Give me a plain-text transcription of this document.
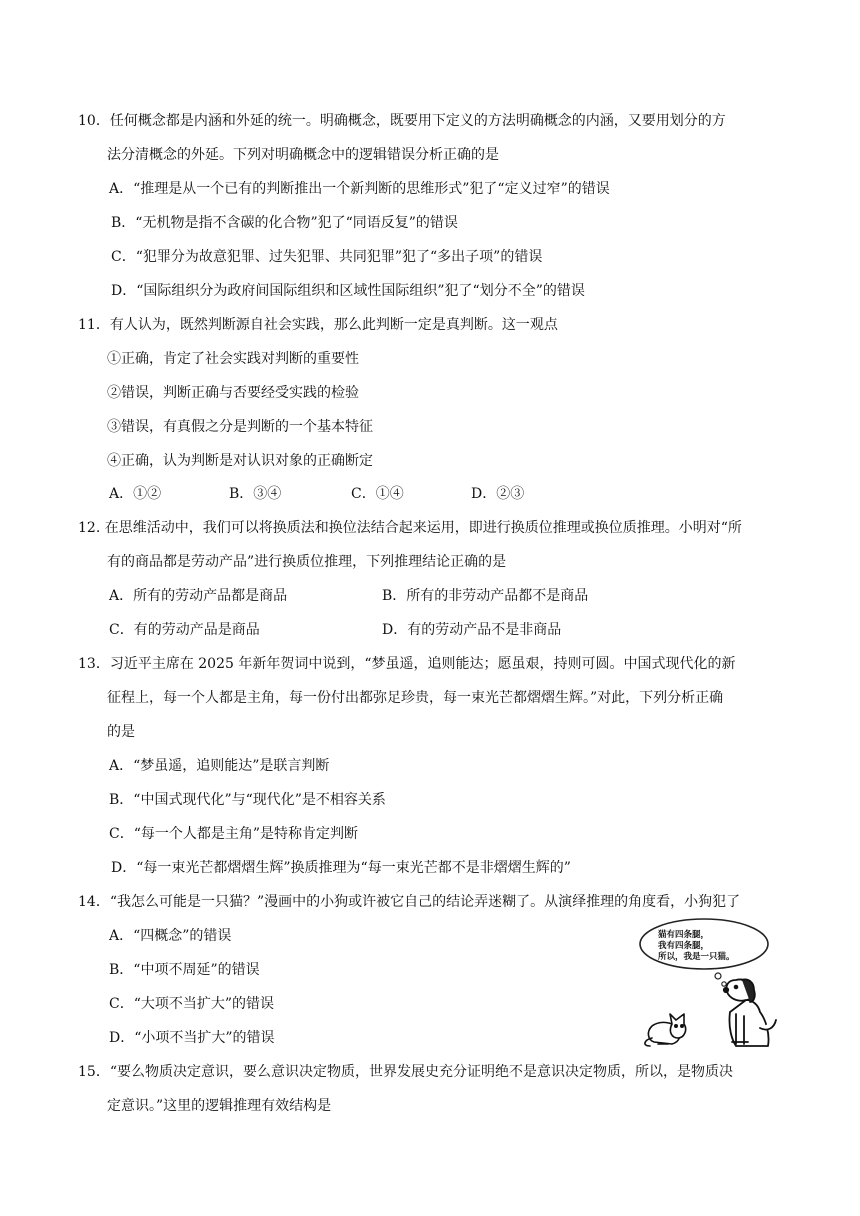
10．任何概念都是内涵和外延的统一。明确概念，既要用下定义的方法明确概念的内涵，又要用划分的方
法分清概念的外延。下列对明确概念中的逻辑错误分析正确的是
A．“推理是从一个已有的判断推出一个新判断的思维形式”犯了“定义过窄”的错误
B．“无机物是指不含碳的化合物”犯了“同语反复”的错误
C．“犯罪分为故意犯罪、过失犯罪、共同犯罪”犯了“多出子项”的错误
D．“国际组织分为政府间国际组织和区域性国际组织”犯了“划分不全”的错误
11．有人认为，既然判断源自社会实践，那么此判断一定是真判断。这一观点
①正确，肯定了社会实践对判断的重要性
②错误，判断正确与否要经受实践的检验
③错误，有真假之分是判断的一个基本特征
④正确，认为判断是对认识对象的正确断定
A．①②	B．③④	C．①④	D．②③
12. 在思维活动中，我们可以将换质法和换位法结合起来运用，即进行换质位推理或换位质推理。小明对“所
有的商品都是劳动产品”进行换质位推理，下列推理结论正确的是
A．所有的劳动产品都是商品	B．所有的非劳动产品都不是商品
C．有的劳动产品是商品	D．有的劳动产品不是非商品
13．习近平主席在 2025 年新年贺词中说到，“梦虽遥，追则能达；愿虽艰，持则可圆。中国式现代化的新
征程上，每一个人都是主角，每一份付出都弥足珍贵，每一束光芒都熠熠生辉。”对此，下列分析正确
的是
A．“梦虽遥，追则能达”是联言判断
B．“中国式现代化”与“现代化”是不相容关系
C．“每一个人都是主角”是特称肯定判断
D．“每一束光芒都熠熠生辉”换质推理为“每一束光芒都不是非熠熠生辉的”
14．“我怎么可能是一只猫？”漫画中的小狗或许被它自己的结论弄迷糊了。从演绎推理的角度看，小狗犯了
A．“四概念”的错误
B．“中项不周延”的错误
C．“大项不当扩大”的错误
D．“小项不当扩大”的错误
猫有四条腿，
我有四条腿，
所以，我是一只猫。
15．“要么物质决定意识，要么意识决定物质，世界发展史充分证明绝不是意识决定物质，所以，是物质决
定意识。”这里的逻辑推理有效结构是
